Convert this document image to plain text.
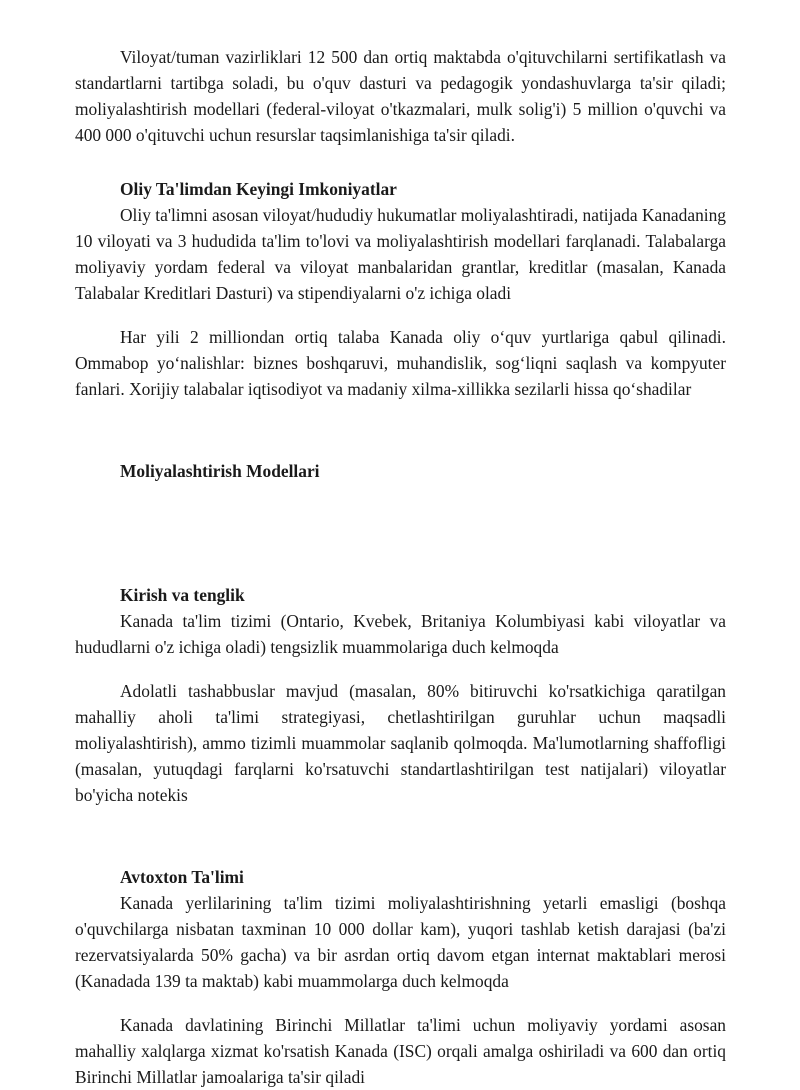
Viloyat/tuman vazirliklari 12 500 dan ortiq maktabda o'qituvchilarni sertifikatlash va standartlarni tartibga soladi, bu o'quv dasturi va pedagogik yondashuvlarga ta'sir qiladi; moliyalashtirish modellari (federal-viloyat o'tkazmalari, mulk solig'i) 5 million o'quvchi va 400 000 o'qituvchi uchun resurslar taqsimlanishiga ta'sir qiladi.

Oliy Ta'limdan Keyingi Imkoniyatlar

Oliy ta'limni asosan viloyat/hududiy hukumatlar moliyalashtiradi, natijada Kanadaning 10 viloyati va 3 hududida ta'lim to'lovi va moliyalashtirish modellari farqlanadi. Talabalarga moliyaviy yordam federal va viloyat manbalaridan grantlar, kreditlar (masalan, Kanada Talabalar Kreditlari Dasturi) va stipendiyalarni o'z ichiga oladi

Har yili 2 milliondan ortiq talaba Kanada oliy o‘quv yurtlariga qabul qilinadi. Ommabop yo‘nalishlar: biznes boshqaruvi, muhandislik, sog‘liqni saqlash va kompyuter fanlari. Xorijiy talabalar iqtisodiyot va madaniy xilma-xillikka sezilarli hissa qo‘shadilar

Moliyalashtirish Modellari
Kirish va tenglik

Kanada ta'lim tizimi (Ontario, Kvebek, Britaniya Kolumbiyasi kabi viloyatlar va hududlarni o'z ichiga oladi) tengsizlik muammolariga duch kelmoqda

Adolatli tashabbuslar mavjud (masalan, 80% bitiruvchi ko'rsatkichiga qaratilgan mahalliy aholi ta'limi strategiyasi, chetlashtirilgan guruhlar uchun maqsadli moliyalashtirish), ammo tizimli muammolar saqlanib qolmoqda. Ma'lumotlarning shaffofligi (masalan, yutuqdagi farqlarni ko'rsatuvchi standartlashtirilgan test natijalari) viloyatlar bo'yicha notekis

Avtoxton Ta'limi

Kanada yerlilarining ta'lim tizimi moliyalashtirishning yetarli emasligi (boshqa o'quvchilarga nisbatan taxminan 10 000 dollar kam), yuqori tashlab ketish darajasi (ba'zi rezervatsiyalarda 50% gacha) va bir asrdan ortiq davom etgan internat maktablari merosi (Kanadada 139 ta maktab) kabi muammolarga duch kelmoqda

Kanada davlatining Birinchi Millatlar ta'limi uchun moliyaviy yordami asosan mahalliy xalqlarga xizmat ko'rsatish Kanada (ISC) orqali amalga oshiriladi va 600 dan ortiq Birinchi Millatlar jamoalariga ta'sir qiladi
